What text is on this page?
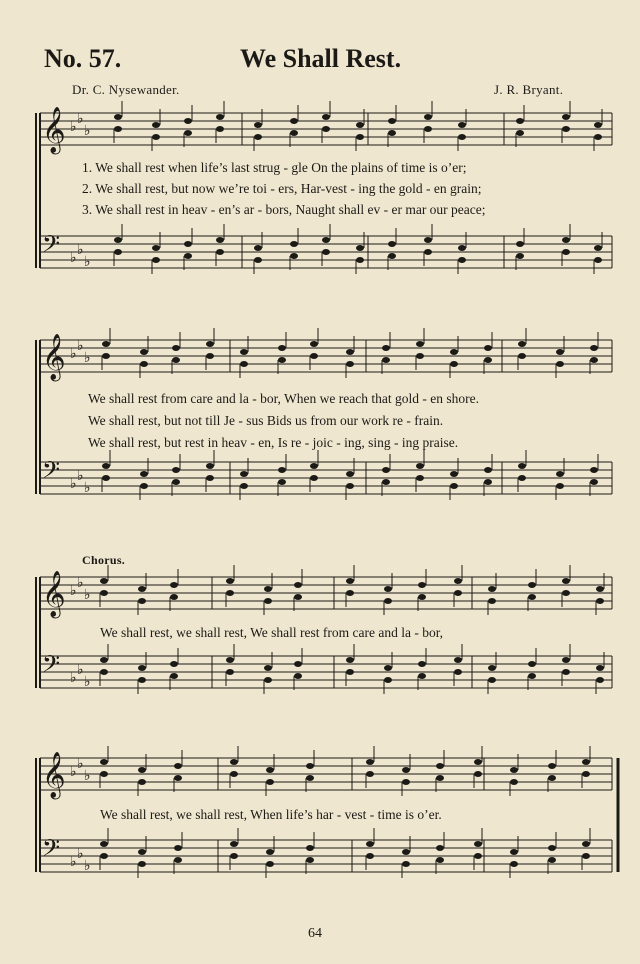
No. 57.	We Shall Rest.
Dr. C. Nysewander.	J. R. Bryant.
𝄞 ♭ ♭
♭
𝄢 ♭ ♭
♭
𝄞 ♭ ♭
♭
𝄢 ♭ ♭
♭
𝄞 ♭ ♭
♭
𝄢 ♭ ♭
♭
𝄞 ♭ ♭
♭
𝄢 ♭ ♭
♭
1. We shall rest when life’s last strug - gle On the plains of time is o’er;
2. We shall rest, but now we’re toi - ers, Har-vest - ing the gold - en grain;
3. We shall rest in heav - en’s ar - bors, Naught shall ev - er mar our peace;
We shall rest from care and la - bor, When we reach that gold - en shore.
We shall rest, but not till Je - sus Bids us from our work re - frain.
We shall rest, but rest in heav - en, Is re - joic - ing, sing - ing praise.
Chorus.
We shall rest, we shall rest, We shall rest from care and la - bor,
We shall rest, we shall rest, When life’s har - vest - time is o’er.
64
